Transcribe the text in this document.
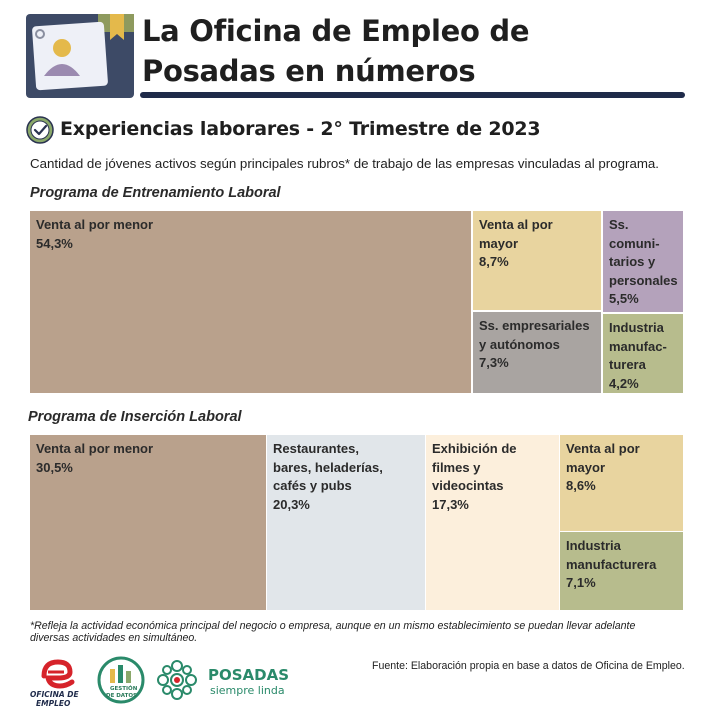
La Oficina de Empleo de
Posadas en números
Experiencias laborares - 2° Trimestre de 2023
Cantidad de jóvenes activos según principales rubros* de trabajo de las empresas vinculadas al programa.
Programa de Entrenamiento Laboral
Programa de Inserción Laboral
Venta al por menor
54,3%
Venta al por mayor
8,7%
Ss. comuni-
tarios y
personales
5,5%
Ss. empresariales
y autónomos
7,3%
Industria
manufac-
turera
4,2%
Venta al por menor
30,5%
Restaurantes,
bares, heladerías,
cafés y pubs
20,3%
Exhibición de
filmes y
videocintas
17,3%
Venta al por
mayor
8,6%
Industria
manufacturera
7,1%
*Refleja la actividad económica principal del negocio o empresa, aunque en un mismo establecimiento se puedan llevar adelante diversas actividades en simultáneo.
Fuente: Elaboración propia en base a datos de Oficina de Empleo.
OFICINA DE
EMPLEO
GESTIÓN
DE DATOS
POSADAS
siempre linda
